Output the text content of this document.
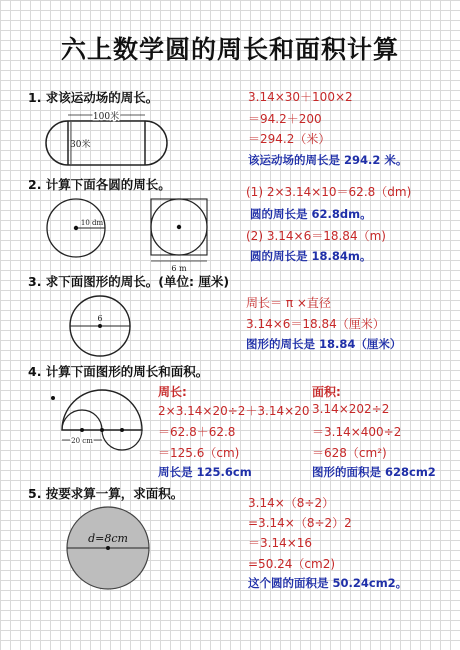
六上数学圆的周长和面积计算
1. 求该运动场的周长。
100米
30米
3.14×30＋100×2
＝94.2＋200
＝294.2（米）
该运动场的周长是 294.2 米。
2. 计算下面各圆的周长。
10 dm
6 m
(1) 2×3.14×10＝62.8（dm)
圆的周长是 62.8dm。
(2) 3.14×6＝18.84（m)
圆的周长是 18.84m。
3. 求下面图形的周长。(单位: 厘米)
6
周长＝ π ×直径
3.14×6＝18.84（厘米）
图形的周长是 18.84（厘米）
4. 计算下面图形的周长和面积。
20 cm
周长:
2×3.14×20÷2＋3.14×20
＝62.8＋62.8
＝125.6（cm)
周长是 125.6cm
面积:
3.14×202÷2
＝3.14×400÷2
＝628（cm²)
图形的面积是 628cm2
5. 按要求算一算，求面积。
d=8cm
3.14×（8÷2）
=3.14×（8÷2）2
＝3.14×16
=50.24（cm2)
这个圆的面积是 50.24cm2。
